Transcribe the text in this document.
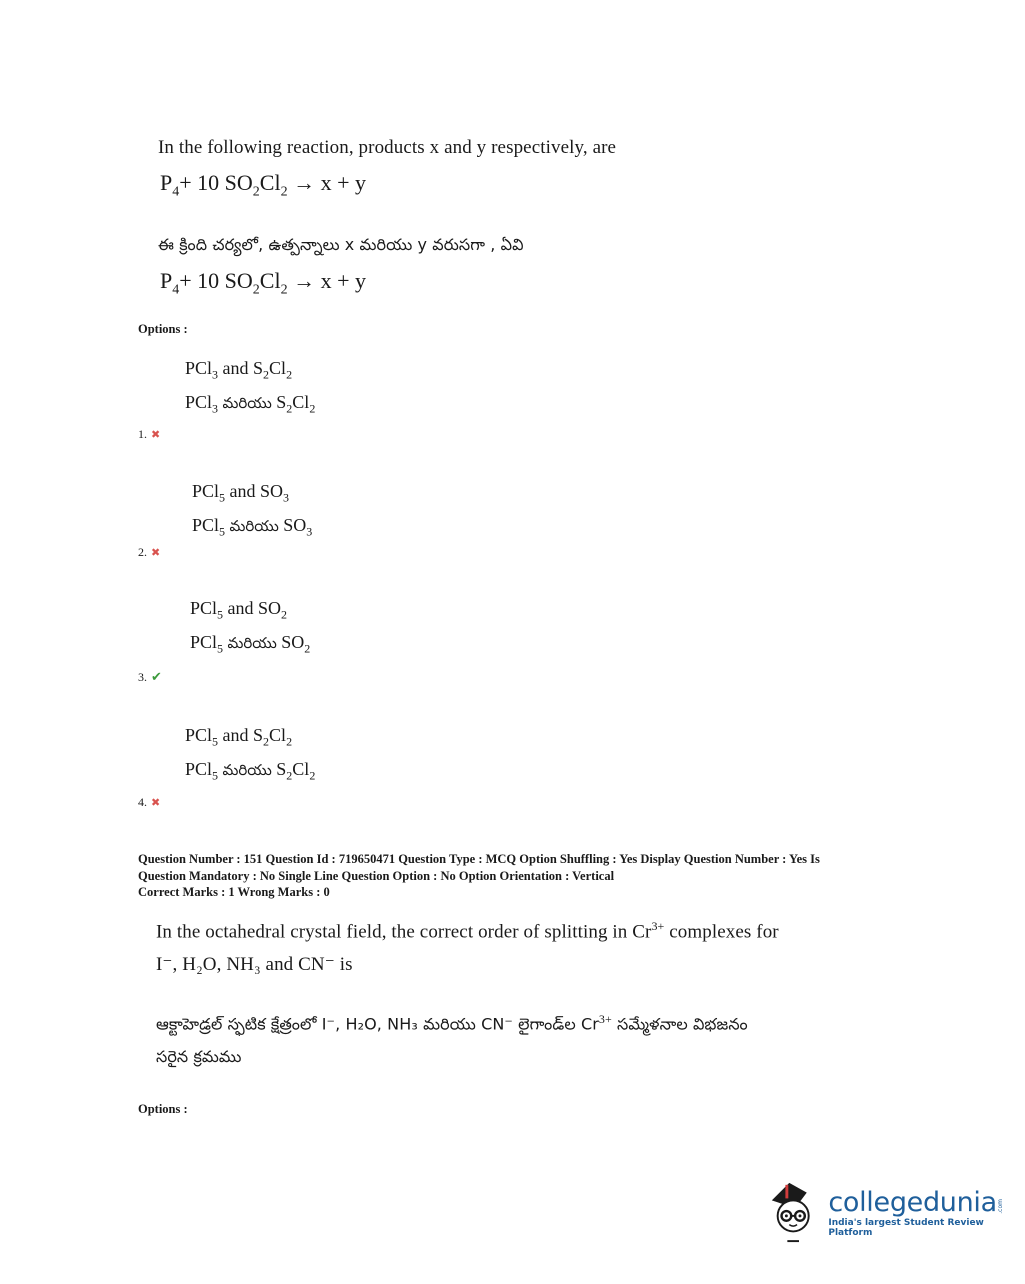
In the following reaction, products x and y respectively, are
$P_4+ 10$ $SO_2Cl_2 \to x + y$
ఈ క్రింది చర్యలో, ఉత్పన్నాలు x మరియు y వరుసగా , ఏవి
$P_4+ 10$ $SO_2Cl_2 \to x + y$
Options :
PCl$_3$ and $S_2Cl_2$
PCl$_3$ మరియు $S_2Cl_2$
1. ✖
PCl$_5$ and $SO_3$
PCl$_5$ మరియు $SO_3$
2. ✖
PCl$_5$ and $SO_2$
PCl$_5$ మరియు $SO_2$
3. ✔
PCl$_5$ and $S_2Cl_2$
PCl$_5$ మరియు $S_2Cl_2$
4. ✖
Question Number : 151 Question Id : 719650471 Question Type : MCQ Option Shuffling : Yes Display Question Number : Yes Is
Question Mandatory : No Single Line Question Option : No Option Orientation : Vertical
Correct Marks : 1 Wrong Marks : 0
In the octahedral crystal field, the correct order of splitting in $Cr^{3+}$ complexes for
I⁻, H₂O, NH₃ and CN⁻ is
ఆక్టాహెడ్రల్ స్ఫటిక క్షేత్రంలో I⁻, H₂O, NH₃ మరియు CN⁻ లైగాండ్‌ల $Cr^{3+}$ సమ్మేళనాల విభజనం
సరైన క్రమము
Options :
collegedunia .com
India's largest Student Review Platform
